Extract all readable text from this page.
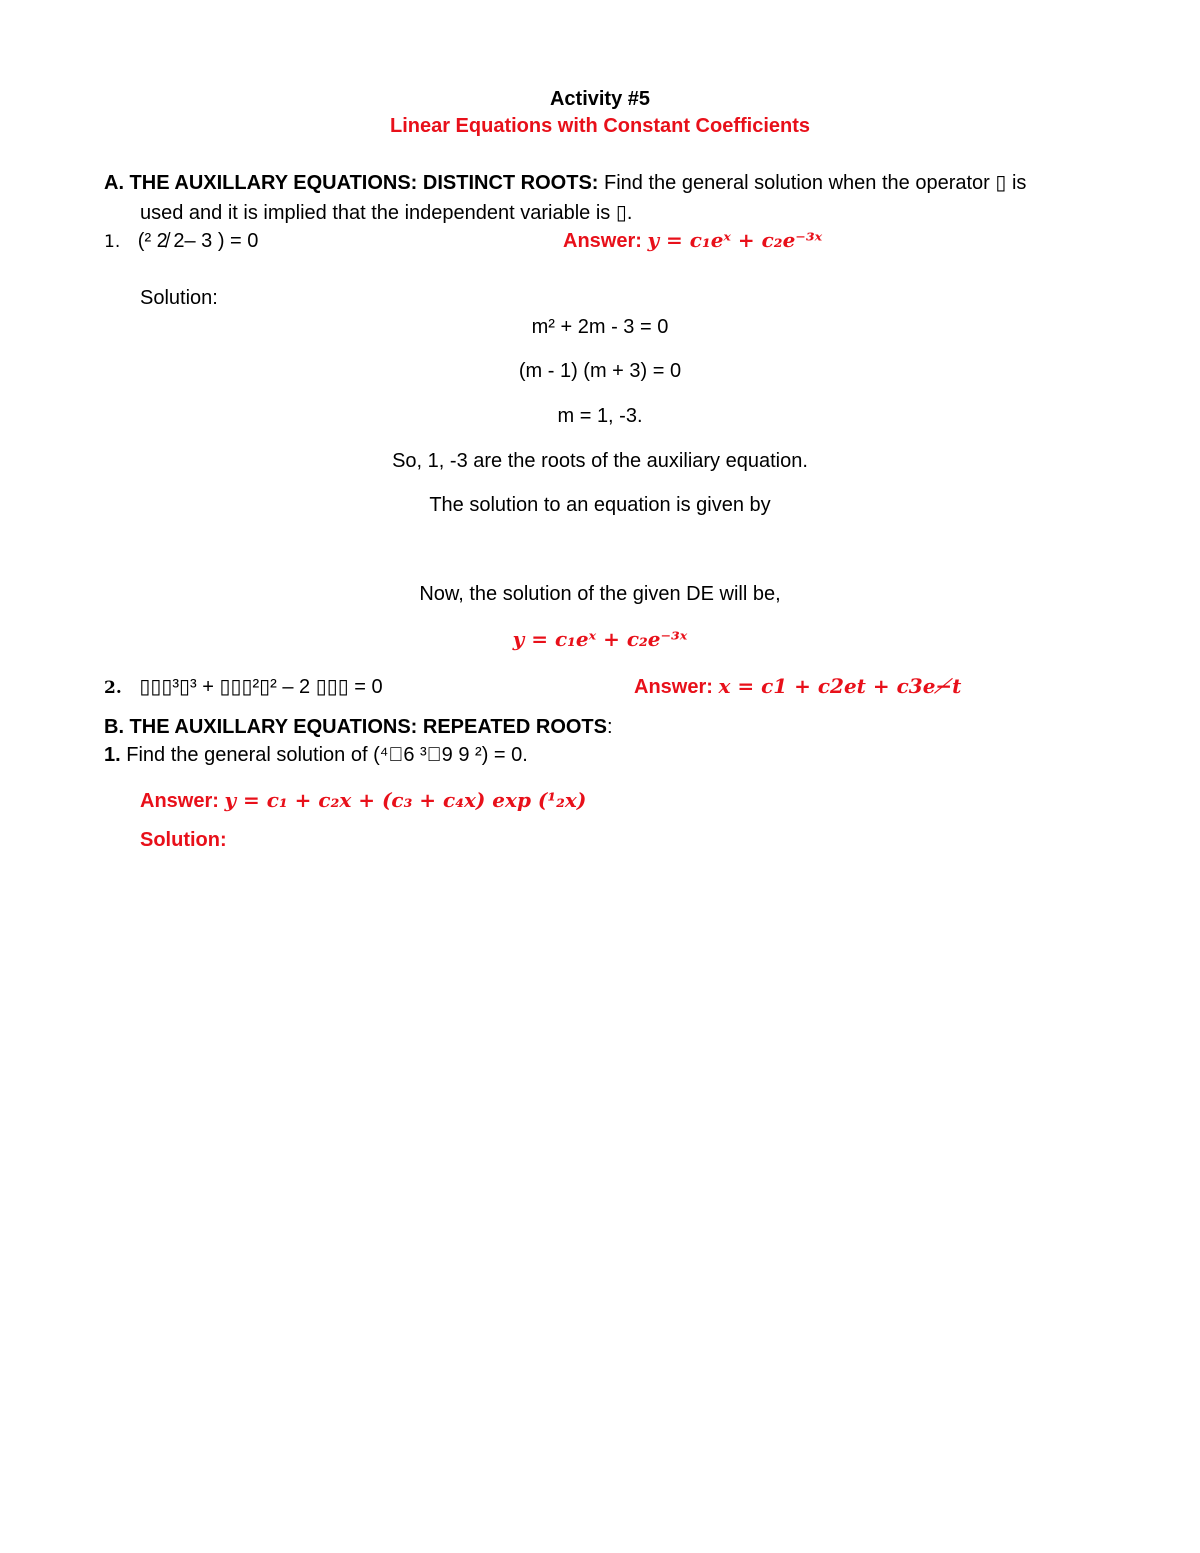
Activity #5
Linear Equations with Constant Coefficients
A. THE AUXILLARY EQUATIONS: DISTINCT ROOTS: Find the general solution when the operator ▯ is
used and it is implied that the independent variable is ▯.
1. (² 2̸ 2– 3 ) = 0	Answer: y = c₁eˣ + c₂e⁻³ˣ
Solution:
m² + 2m - 3 = 0
(m - 1) (m + 3) = 0
m = 1, -3.
So, 1, -3 are the roots of the auxiliary equation.
The solution to an equation is given by
Now, the solution of the given DE will be,
y = c₁eˣ + c₂e⁻³ˣ
2. ▯▯▯³▯³ + ▯▯▯²▯² – 2 ▯▯▯ = 0	Answer: x = c1 + c2et + c3e−̸t
B. THE AUXILLARY EQUATIONS: REPEATED ROOTS:
1. Find the general solution of (⁴⃝6 ³⃝9 9 ²) = 0.
Answer: y = c₁ + c₂x + (c₃ + c₄x) exp (¹₂x)
Solution:
